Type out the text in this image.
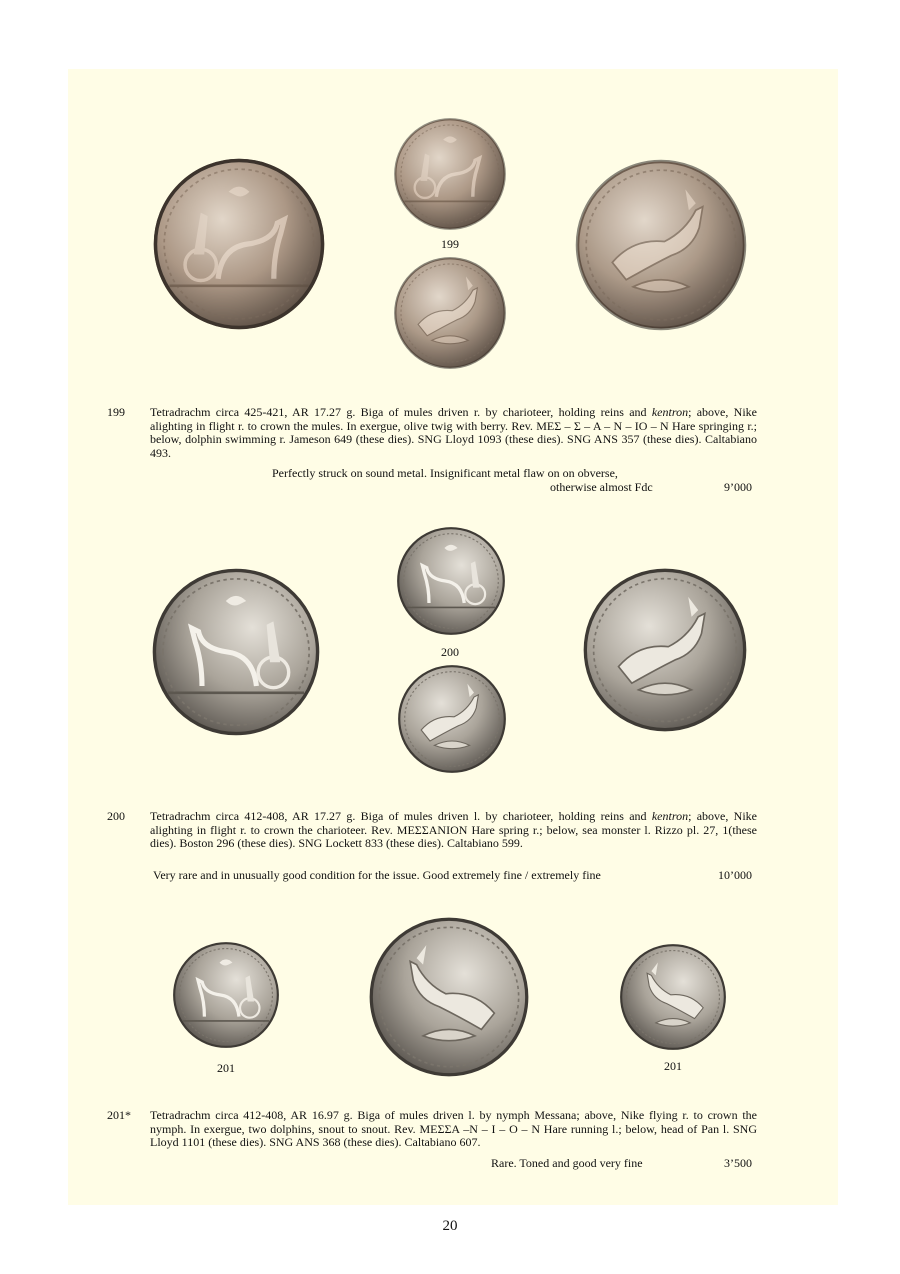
199
199	Tetradrachm circa 425-421, AR 17.27 g. Biga of mules driven r. by charioteer, holding reins and kentron; above, Nike alighting in flight r. to crown the mules. In exergue, olive twig with berry. Rev. ΜΕΣ – Σ – Α – Ν – ΙΟ – Ν Hare springing r.; below, dolphin swimming r. Jameson 649 (these dies). SNG Lloyd 1093 (these dies). SNG ANS 357 (these dies). Caltabiano 493.
Perfectly struck on sound metal. Insignificant metal flaw on on obverse,
otherwise almost Fdc	9’000
200
200	Tetradrachm circa 412-408, AR 17.27 g. Biga of mules driven l. by charioteer, holding reins and kentron; above, Nike alighting in flight r. to crown the charioteer. Rev. ΜΕΣΣΑΝΙΟΝ Hare spring r.; below, sea monster l. Rizzo pl. 27, 1(these dies). Boston 296 (these dies). SNG Lockett 833 (these dies). Caltabiano 599.
Very rare and in unusually good condition for the issue. Good extremely fine / extremely fine	10’000
201	201
201*	Tetradrachm circa 412-408, AR 16.97 g. Biga of mules driven l. by nymph Messana; above, Nike flying r. to crown the nymph. In exergue, two dolphins, snout to snout. Rev. ΜΕΣΣΑ –Ν – Ι – Ο – Ν Hare running l.; below, head of Pan l. SNG Lloyd 1101 (these dies). SNG ANS 368 (these dies). Caltabiano 607.
Rare. Toned and good very fine	3’500
20
